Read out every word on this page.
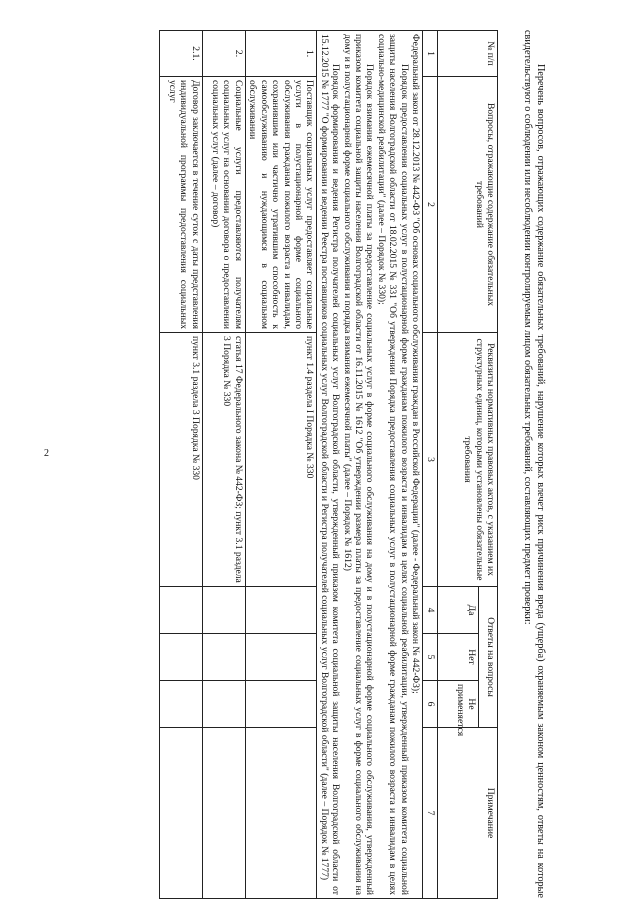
2	Перечень вопросов, отражающих содержание обязательных требований, нарушение которых влечет риск причинения вреда (ущерба) охраняемым законом ценностям, ответы на которые свидетельствуют о соблюдении или несоблюдении контролируемым лицом обязательных требований, составляющих предмет проверки:

№ п/п	Вопросы, отражающие содержание обязательных требований	Реквизиты нормативных правовых актов, с указанием их структурных единиц, которыми установлены обязательные требования	Ответы на вопросы			Примечание
			Да	Нет	Не применяется	
1	2	3	4	5	6	7

Федеральный закон от 28.12.2013 № 442-ФЗ "Об основах социального обслуживания граждан в Российской Федерации" (далее - Федеральный закон № 442-ФЗ);

Порядок предоставления социальных услуг в полустационарной форме гражданам пожилого возраста и инвалидам в целях социальной реабилитации, утвержденный приказом комитета социальной защиты населения Волгоградской области от 18.02.2015 № 331 "Об утверждении Порядка предоставления социальных услуг в полустационарной форме гражданам пожилого возраста и инвалидам в целях социально-медицинской реабилитации" (далее – Порядок № 330);

Порядок взимания ежемесячной платы за предоставление социальных услуг в форме социального обслуживания на дому и в полустационарной форме социального обслуживания, утвержденный приказом комитета социальной защиты населения Волгоградской области от 16.11.2015 № 1612 "Об утверждении размера платы за предоставление социальных услуг в форме социального обслуживания на дому и в полустационарной форме социального обслуживания и порядка взимания ежемесячной платы" (далее – Порядок № 1612)

Порядок формирования и ведения Регистра получателей социальных услуг Волгоградской области, утвержденный приказом комитета социальной защиты населения Волгоградской области от 15.12.2015 № 1777 "О формировании и ведении Реестра поставщиков социальных услуг Волгоградской области и Регистра получателей социальных услуг Волгоградской области" (далее – Порядок № 1777)						

1.	Поставщик социальных услуг предоставляет социальные услуги в полустационарной форме социального обслуживания гражданам пожилого возраста и инвалидам, сохранившим или частично утратившим способность к самообслуживанию и нуждающимся в социальном обслуживании	пункт 1.4 раздела I Порядка № 330				
2.	Социальные услуги предоставляются получателям социальных услуг на основании договора о предоставлении социальных услуг (далее – договор)	статья 17 Федерального закона № 442-ФЗ; пункт 3.1 раздела 3 Порядка № 330				
2.1.	Договор заключается в течение суток с даты представления индивидуальной программы предоставления социальных услуг	пункт 3.1 раздела 3 Порядка № 330				
